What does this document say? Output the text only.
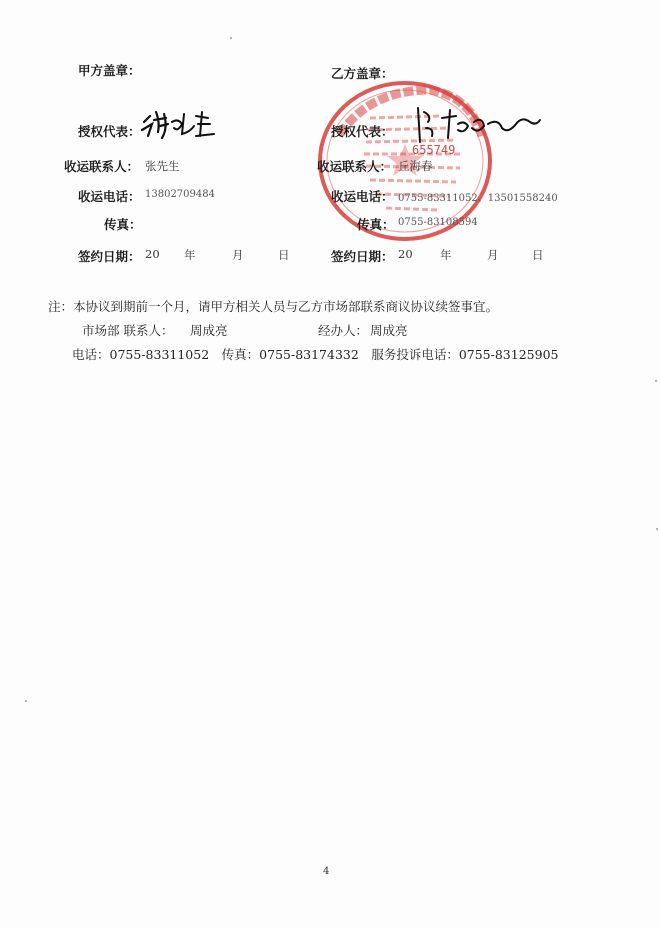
甲方盖章：
授权代表：
收运联系人： 张先生
收运电话： 13802709484
传真：
签约日期： 20 年	月	日
655749
乙方盖章：
授权代表：
收运联系人： 丘海春
收运电话： 0755-83311052、13501558240
传真： 0755-83108594
签约日期： 20 年	月	日
注：本协议到期前一个月，请甲方相关人员与乙方市场部联系商议协议续签事宜。
市场部 联系人： 周成亮	经办人： 周成亮
电话：0755-83311052　传真：0755-83174332　服务投诉电话：0755-83125905
4
